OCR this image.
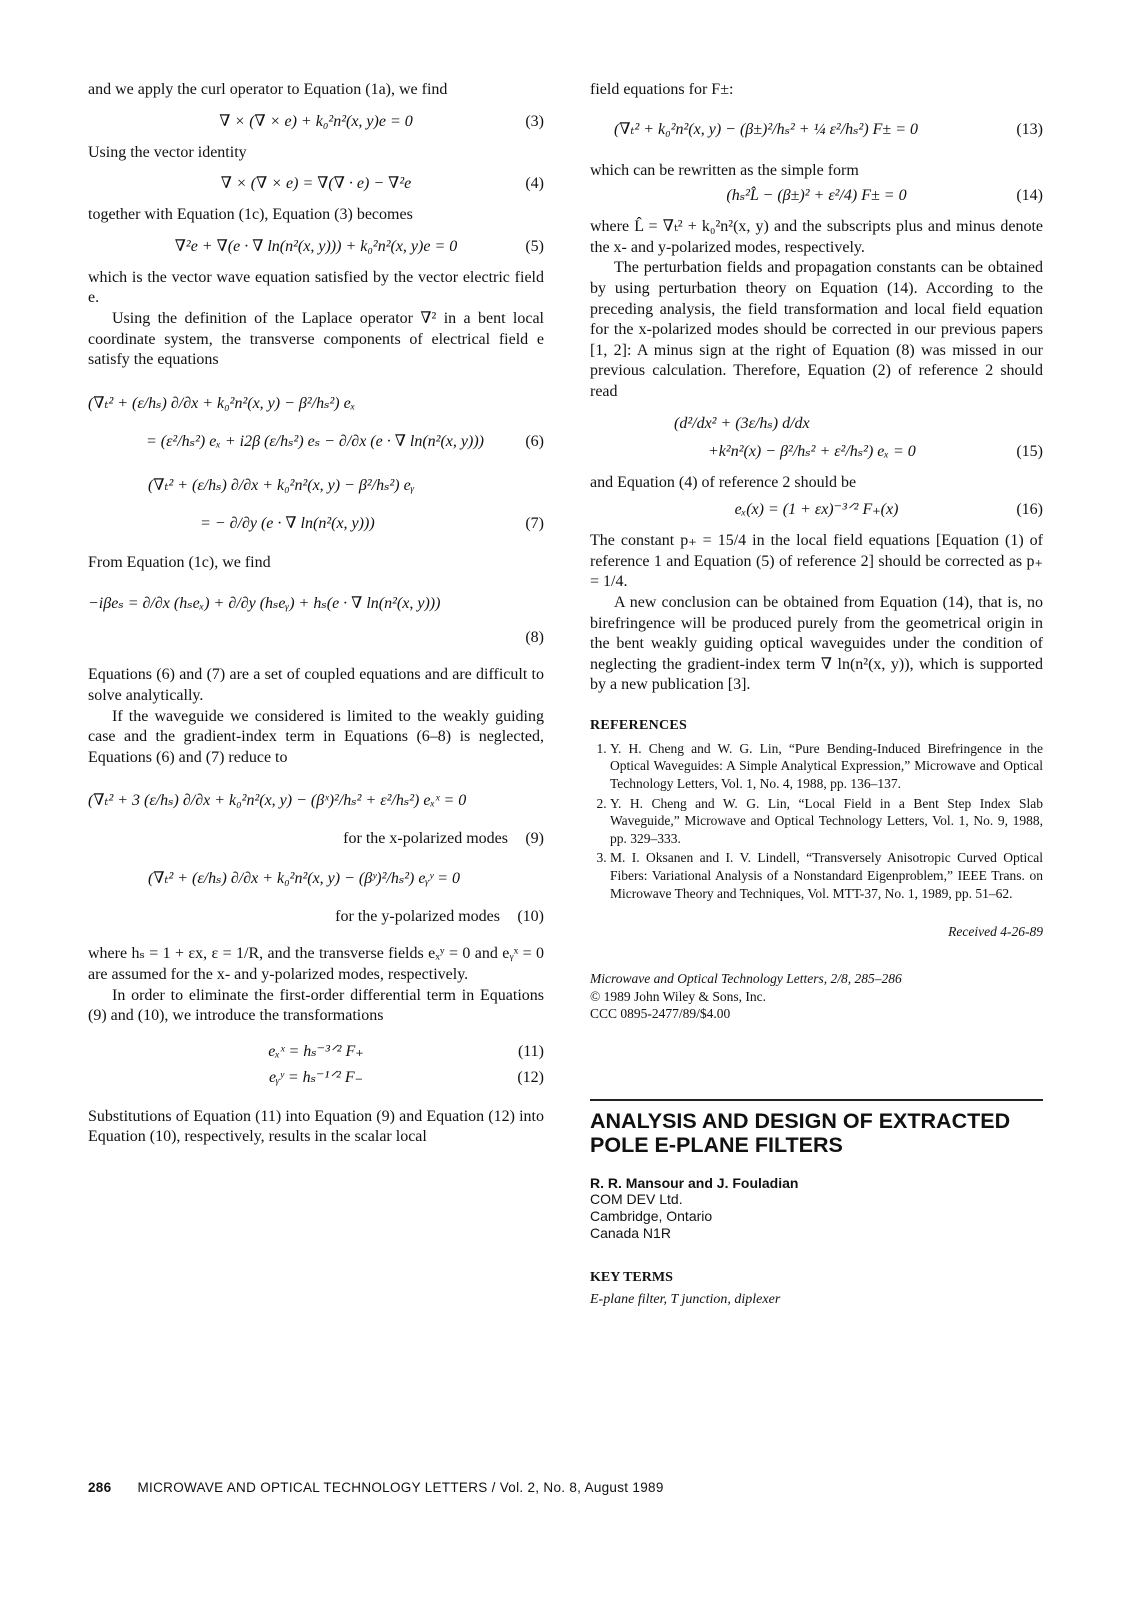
and we apply the curl operator to Equation (1a), we find

(3)
∇ × (∇ × e) + k₀²n²(x, y)e = 0

Using the vector identity

(4)
∇ × (∇ × e) = ∇(∇ · e) − ∇²e

together with Equation (1c), Equation (3) becomes

(5)
∇²e + ∇(e · ∇ ln(n²(x, y))) + k₀²n²(x, y)e = 0

which is the vector wave equation satisfied by the vector electric field e.

Using the definition of the Laplace operator ∇² in a bent local coordinate system, the transverse components of electrical field e satisfy the equations

(∇ₜ² + (ε/hₛ) ∂/∂x + k₀²n²(x, y) − β²/hₛ²) eₓ
(6)
= (ε²/hₛ²) eₓ + i2β (ε/hₛ²) eₛ − ∂/∂x (e · ∇ ln(n²(x, y)))
(∇ₜ² + (ε/hₛ) ∂/∂x + k₀²n²(x, y) − β²/hₛ²) eᵧ
(7)
= − ∂/∂y (e · ∇ ln(n²(x, y)))

From Equation (1c), we find

−iβeₛ = ∂/∂x (hₛeₓ) + ∂/∂y (hₛeᵧ) + hₛ(e · ∇ ln(n²(x, y)))
(8)

Equations (6) and (7) are a set of coupled equations and are difficult to solve analytically.

If the waveguide we considered is limited to the weakly guiding case and the gradient-index term in Equations (6–8) is neglected, Equations (6) and (7) reduce to

(∇ₜ² + 3 (ε/hₛ) ∂/∂x + k₀²n²(x, y) − (βˣ)²/hₛ² + ε²/hₛ²) eₓˣ = 0
(9)
for the x-polarized modes
(∇ₜ² + (ε/hₛ) ∂/∂x + k₀²n²(x, y) − (βʸ)²/hₛ²) eᵧʸ = 0
(10)
for the y-polarized modes

where hₛ = 1 + εx, ε = 1/R, and the transverse fields eₓʸ = 0 and eᵧˣ = 0 are assumed for the x- and y-polarized modes, respectively.

In order to eliminate the first-order differential term in Equations (9) and (10), we introduce the transformations

(11)
eₓˣ = hₛ⁻³ᐟ² F₊
(12)
eᵧʸ = hₛ⁻¹ᐟ² F₋

Substitutions of Equation (11) into Equation (9) and Equation (12) into Equation (10), respectively, results in the scalar local

field equations for F±:

(13)
(∇ₜ² + k₀²n²(x, y) − (β±)²/hₛ² + ¼ ε²/hₛ²) F± = 0

which can be rewritten as the simple form

(14)
(hₛ²L̂ − (β±)² + ε²/4) F± = 0

where L̂ = ∇ₜ² + k₀²n²(x, y) and the subscripts plus and minus denote the x- and y-polarized modes, respectively.

The perturbation fields and propagation constants can be obtained by using perturbation theory on Equation (14). According to the preceding analysis, the field transformation and local field equation for the x-polarized modes should be corrected in our previous papers [1, 2]: A minus sign at the right of Equation (8) was missed in our previous calculation. Therefore, Equation (2) of reference 2 should read

(d²/dx² + (3ε/hₛ) d/dx
(15)
+k²n²(x) − β²/hₛ² + ε²/hₛ²) eₓ = 0

and Equation (4) of reference 2 should be

(16)
eₓ(x) = (1 + εx)⁻³ᐟ² F₊(x)

The constant p₊ = 15/4 in the local field equations [Equation (1) of reference 1 and Equation (5) of reference 2] should be corrected as p₊ = 1/4.

A new conclusion can be obtained from Equation (14), that is, no birefringence will be produced purely from the geometrical origin in the bent weakly guiding optical waveguides under the condition of neglecting the gradient-index term ∇ ln(n²(x, y)), which is supported by a new publication [3].

REFERENCES
1. Y. H. Cheng and W. G. Lin, “Pure Bending-Induced Birefringence in the Optical Waveguides: A Simple Analytical Expression,” Microwave and Optical Technology Letters, Vol. 1, No. 4, 1988, pp. 136–137.
2. Y. H. Cheng and W. G. Lin, “Local Field in a Bent Step Index Slab Waveguide,” Microwave and Optical Technology Letters, Vol. 1, No. 9, 1988, pp. 329–333.
3. M. I. Oksanen and I. V. Lindell, “Transversely Anisotropic Curved Optical Fibers: Variational Analysis of a Nonstandard Eigenproblem,” IEEE Trans. on Microwave Theory and Techniques, Vol. MTT-37, No. 1, 1989, pp. 51–62.
Received 4-26-89
Microwave and Optical Technology Letters, 2/8, 285–286
© 1989 John Wiley & Sons, Inc.
CCC 0895-2477/89/$4.00
ANALYSIS AND DESIGN OF EXTRACTED POLE E-PLANE FILTERS
R. R. Mansour and J. Fouladian
COM DEV Ltd.
Cambridge, Ontario
Canada N1R
KEY TERMS
E-plane filter, T junction, diplexer
286 MICROWAVE AND OPTICAL TECHNOLOGY LETTERS / Vol. 2, No. 8, August 1989
